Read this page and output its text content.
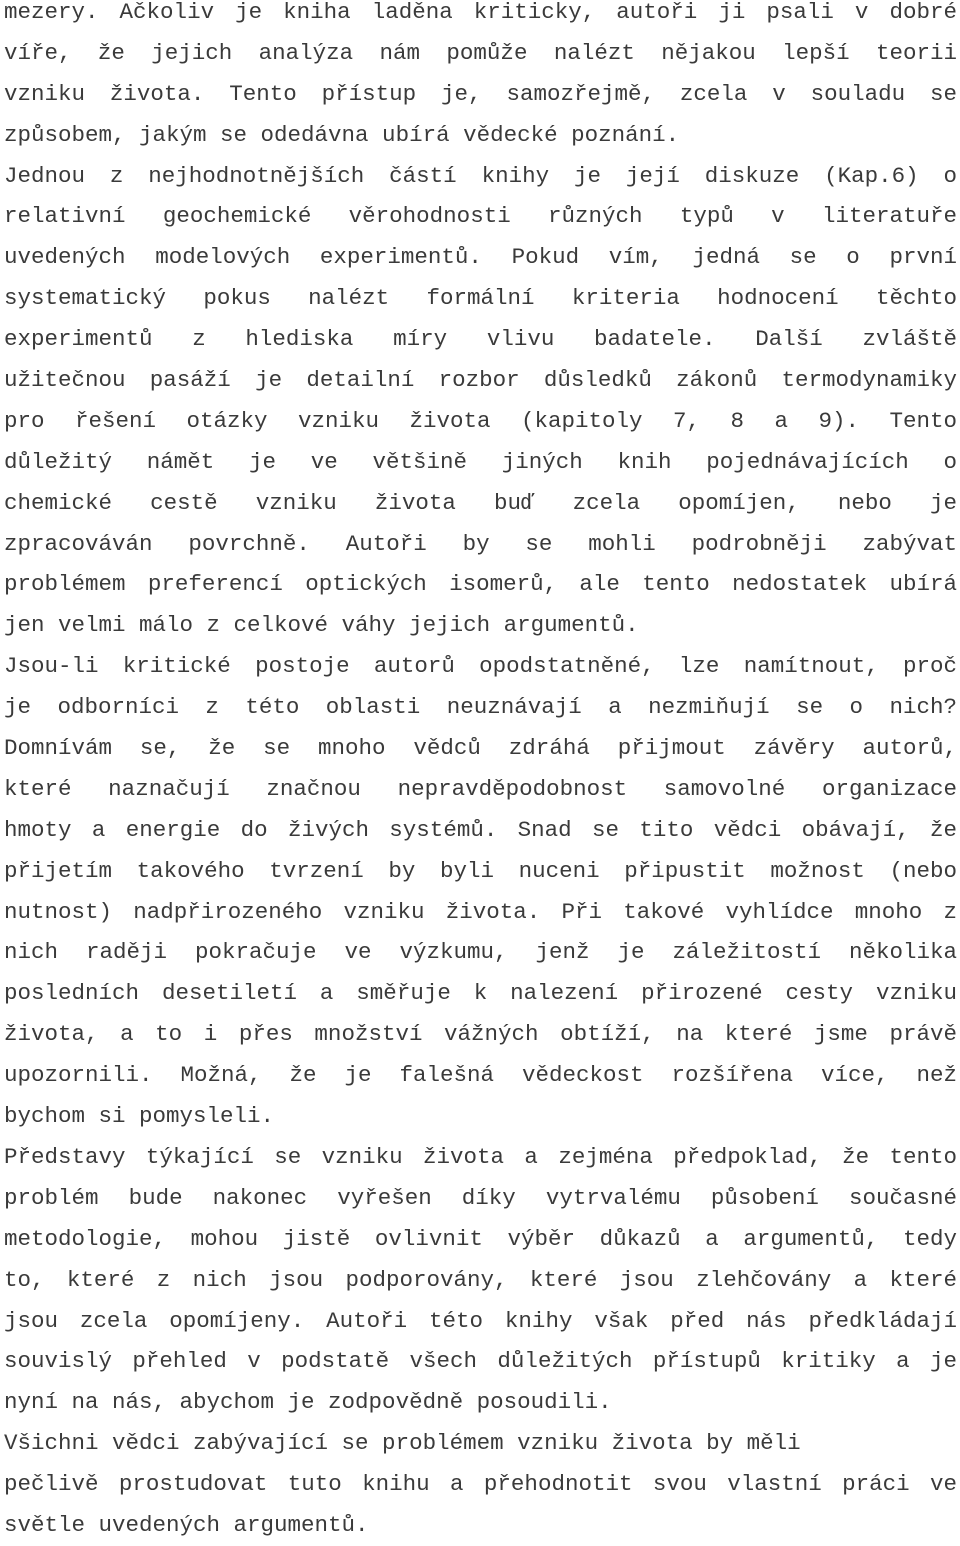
mezery. Ačkoliv je kniha laděna kriticky, autoři ji psali v dobré
víře, že jejich analýza nám pomůže nalézt nějakou lepší teorii
vzniku života. Tento přístup je, samozřejmě, zcela v souladu se
způsobem, jakým se odedávna ubírá vědecké poznání.
Jednou z nejhodnotnějších částí knihy je její diskuze (Kap.6) o
relativní geochemické věrohodnosti různých typů v literatuře
uvedených modelových experimentů. Pokud vím, jedná se o první
systematický pokus nalézt formální kriteria hodnocení těchto
experimentů z hlediska míry vlivu badatele. Další zvláště
užitečnou pasáží je detailní rozbor důsledků zákonů termodynamiky
pro řešení otázky vzniku života (kapitoly 7, 8 a 9). Tento
důležitý námět je ve většině jiných knih pojednávajících o
chemické cestě vzniku života buď zcela opomíjen, nebo je
zpracováván povrchně. Autoři by se mohli podrobněji zabývat
problémem preferencí optických isomerů, ale tento nedostatek ubírá
jen velmi málo z celkové váhy jejich argumentů.
Jsou-li kritické postoje autorů opodstatněné, lze namítnout, proč
je odborníci z této oblasti neuznávají a nezmiňují se o nich?
Domnívám se, že se mnoho vědců zdráhá přijmout závěry autorů,
které naznačují značnou nepravděpodobnost samovolné organizace
hmoty a energie do živých systémů. Snad se tito vědci obávají, že
přijetím takového tvrzení by byli nuceni připustit možnost (nebo
nutnost) nadpřirozeného vzniku života. Při takové vyhlídce mnoho z
nich raději pokračuje ve výzkumu, jenž je záležitostí několika
posledních desetiletí a směřuje k nalezení přirozené cesty vzniku
života, a to i přes množství vážných obtíží, na které jsme právě
upozornili. Možná, že je falešná vědeckost rozšířena více, než
bychom si pomysleli.
Představy týkající se vzniku života a zejména předpoklad, že tento
problém bude nakonec vyřešen díky vytrvalému působení současné
metodologie, mohou jistě ovlivnit výběr důkazů a argumentů, tedy
to, které z nich jsou podporovány, které jsou zlehčovány a které
jsou zcela opomíjeny. Autoři této knihy však před nás předkládají
souvislý přehled v podstatě všech důležitých přístupů kritiky a je
nyní na nás, abychom je zodpovědně posoudili.
Všichni vědci zabývající se problémem vzniku života by měli
pečlivě prostudovat tuto knihu a přehodnotit svou vlastní práci ve
světle uvedených argumentů.
